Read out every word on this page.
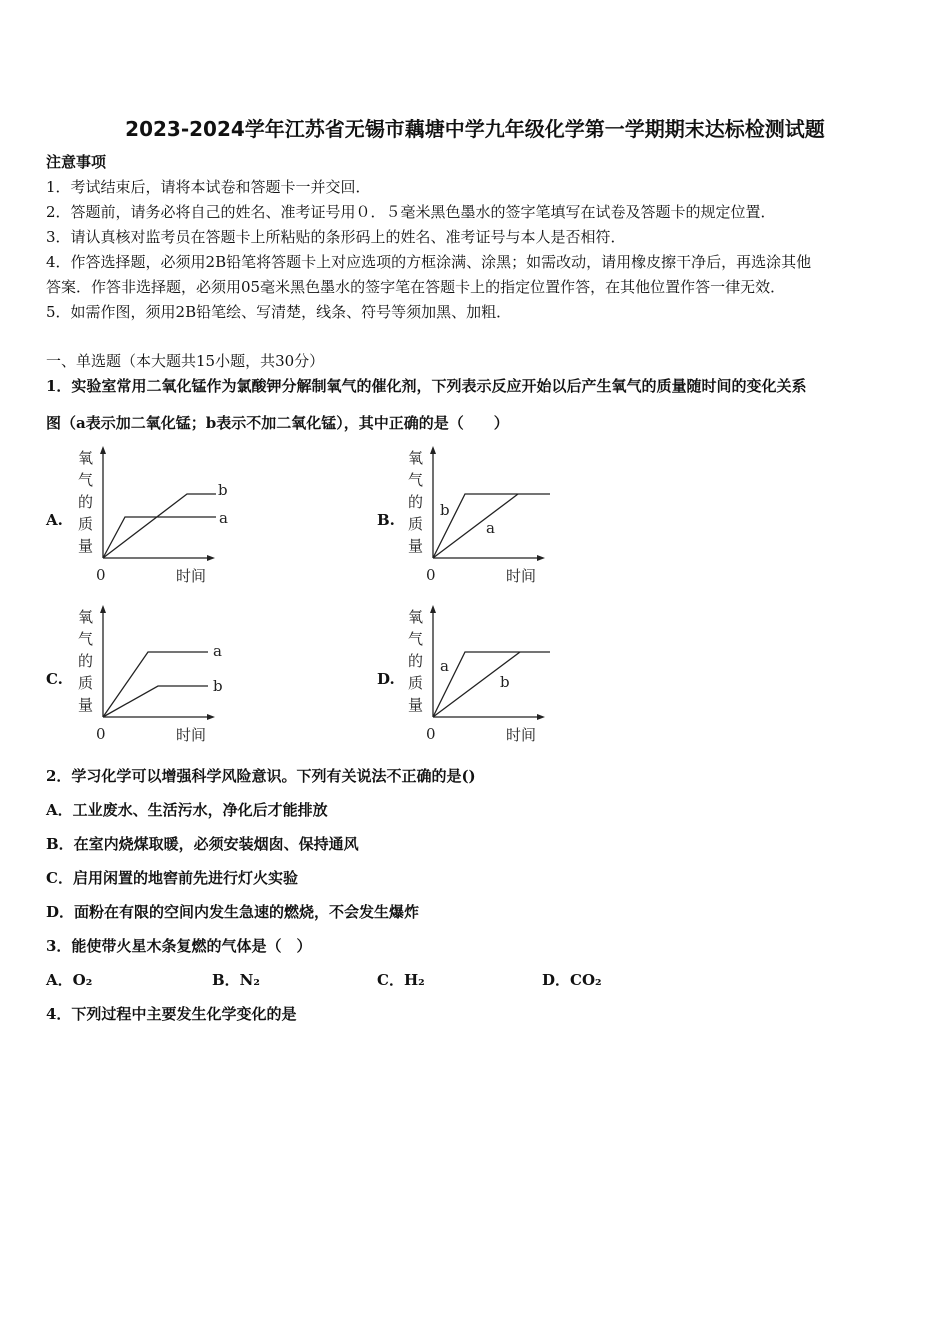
2023-2024学年江苏省无锡市藕塘中学九年级化学第一学期期末达标检测试题
注意事项
1．考试结束后，请将本试卷和答题卡一并交回．
2．答题前，请务必将自己的姓名、准考证号用０．５毫米黑色墨水的签字笔填写在试卷及答题卡的规定位置．
3．请认真核对监考员在答题卡上所粘贴的条形码上的姓名、准考证号与本人是否相符．
4．作答选择题，必须用2B铅笔将答题卡上对应选项的方框涂满、涂黑；如需改动，请用橡皮擦干净后，再选涂其他
答案．作答非选择题，必须用05毫米黑色墨水的签字笔在答题卡上的指定位置作答，在其他位置作答一律无效．
5．如需作图，须用2B铅笔绘、写清楚，线条、符号等须加黑、加粗．
一、单选题（本大题共15小题，共30分）
1．实验室常用二氧化锰作为氯酸钾分解制氧气的催化剂，下列表示反应开始以后产生氧气的质量随时间的变化关系
图（a表示加二氧化锰；b表示不加二氧化锰），其中正确的是（　　）
A.
氧
气
的
质
量
0	时间
b
a	B.
氧
气
的
质
量
0	时间
b
a
C.
氧
气
的
质
量
0	时间
a
b	D.
氧
气
的
质
量
0	时间
a
b
2．学习化学可以增强科学风险意识。下列有关说法不正确的是()
A．工业废水、生活污水，净化后才能排放
B．在室内烧煤取暖，必须安装烟囱、保持通风
C．启用闲置的地窖前先进行灯火实验
D．面粉在有限的空间内发生急速的燃烧，不会发生爆炸
3．能使带火星木条复燃的气体是（　）
A．O₂	B．N₂	C．H₂	D．CO₂
4．下列过程中主要发生化学变化的是
